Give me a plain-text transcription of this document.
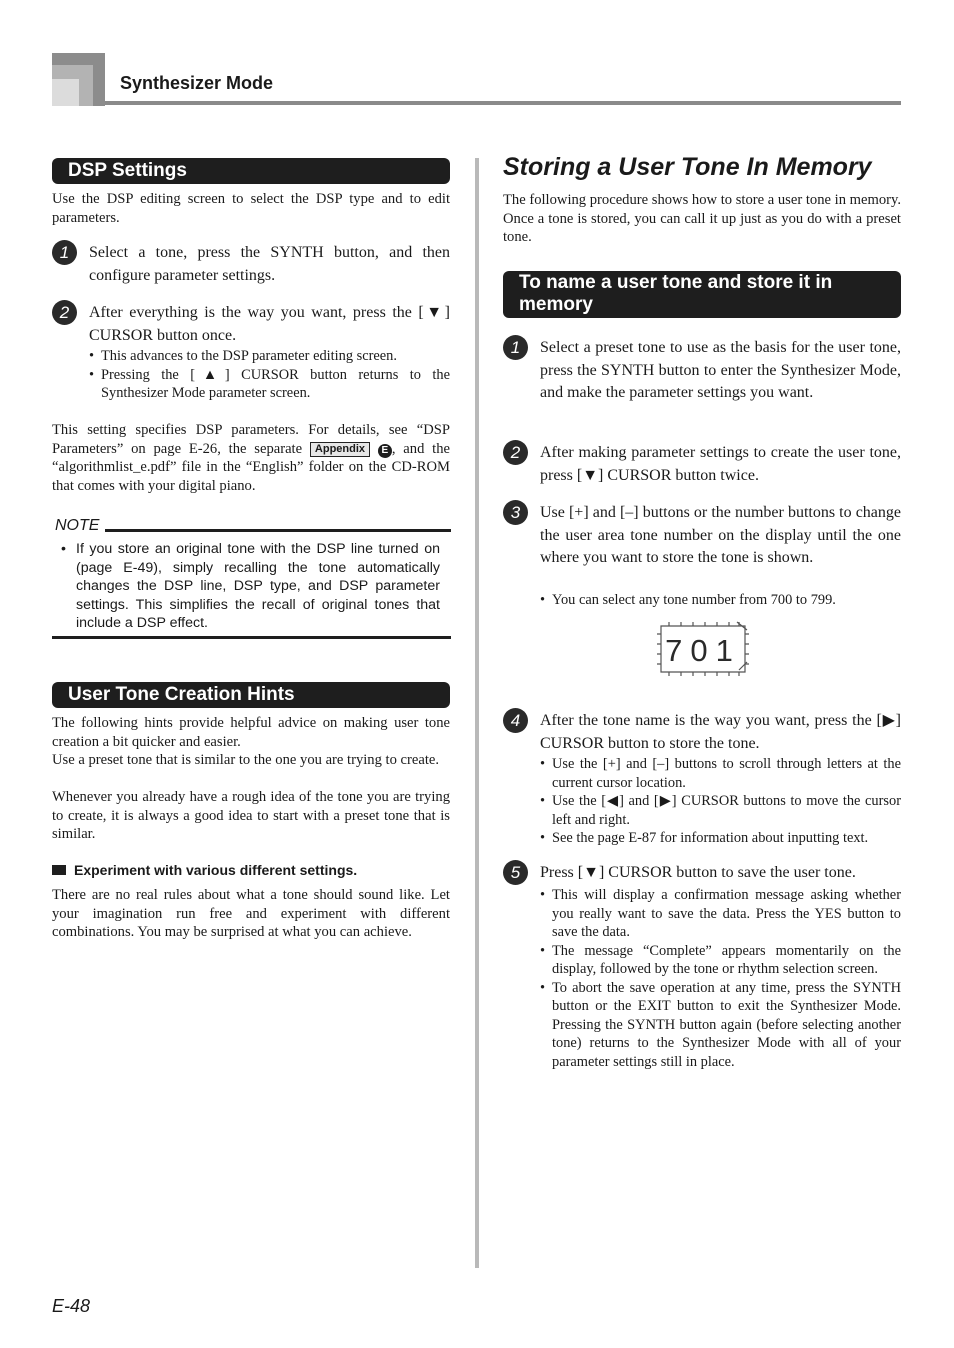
Synthesizer Mode
DSP Settings
Use the DSP editing screen to select the DSP type and to edit parameters.
1	Select a tone, press the SYNTH button, and then configure parameter settings.
2	After everything is the way you want, press the [▼] CURSOR button once.
• This advances to the DSP parameter editing screen.
• Pressing the [▲] CURSOR button returns to the Synthesizer Mode parameter screen.
This setting specifies DSP parameters. For details, see “DSP Parameters” on page E-26, the separate Appendix E , and the “algorithmlist_e.pdf” file in the “English” folder on the CD-ROM that comes with your digital piano.
NOTE
• If you store an original tone with the DSP line turned on (page E-49), simply recalling the tone automatically changes the DSP line, DSP type, and DSP parameter settings. This simplifies the recall of original tones that include a DSP effect.
User Tone Creation Hints
The following hints provide helpful advice on making user tone creation a bit quicker and easier.
Use a preset tone that is similar to the one you are trying to create.
Whenever you already have a rough idea of the tone you are trying to create, it is always a good idea to start with a preset tone that is similar.
Experiment with various different settings.
There are no real rules about what a tone should sound like. Let your imagination run free and experiment with different combinations. You may be surprised at what you can achieve.
Storing a User Tone In Memory
The following procedure shows how to store a user tone in memory. Once a tone is stored, you can call it up just as you do with a preset tone.
To name a user tone and store it in memory
1	Select a preset tone to use as the basis for the user tone, press the SYNTH button to enter the Synthesizer Mode, and make the parameter settings you want.
2	After making parameter settings to create the user tone, press [▼] CURSOR button twice.
3	Use [+] and [–] buttons or the number buttons to change the user area tone number on the display until the one where you want to store the tone is shown.
• You can select any tone number from 700 to 799.
701
4	After the tone name is the way you want, press the [▶] CURSOR button to store the tone.
• Use the [+] and [–] buttons to scroll through letters at the current cursor location.
• Use the [◀] and [▶] CURSOR buttons to move the cursor left and right.
• See the page E-87 for information about inputting text.
5	Press [▼] CURSOR button to save the user tone.
• This will display a confirmation message asking whether you really want to save the data. Press the YES button to save the data.
• The message “Complete” appears momentarily on the display, followed by the tone or rhythm selection screen.
• To abort the save operation at any time, press the SYNTH button or the EXIT button to exit the Synthesizer Mode. Pressing the SYNTH button again (before selecting another tone) returns to the Synthesizer Mode with all of your parameter settings still in place.
E-48
